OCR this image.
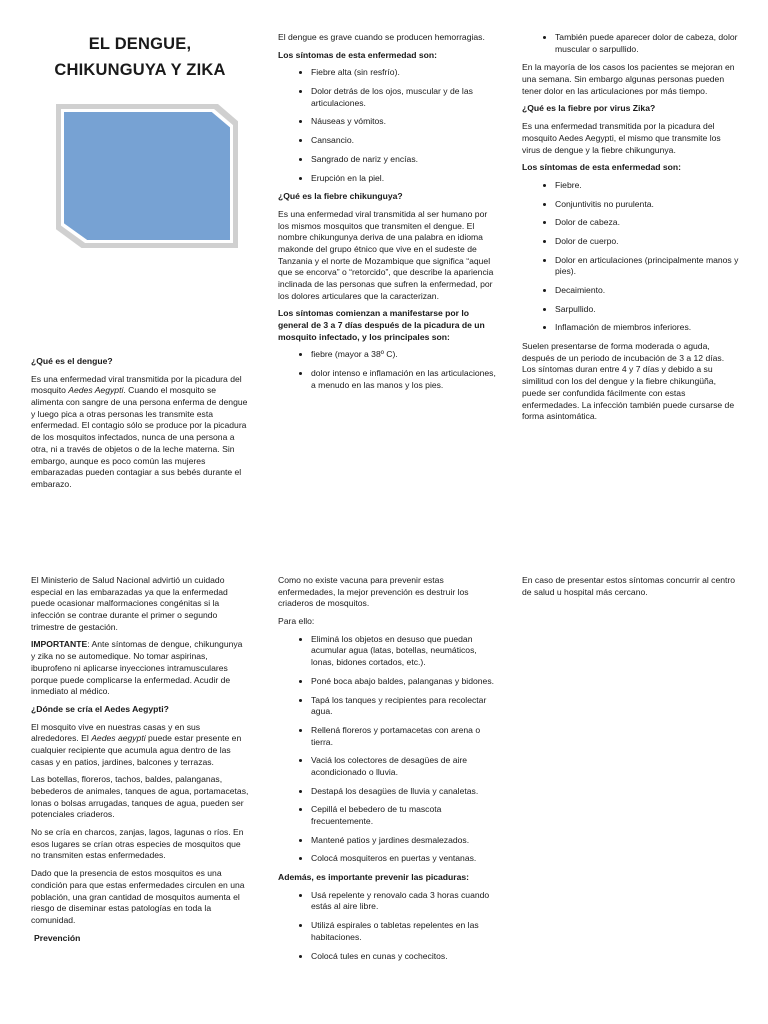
EL DENGUE, CHIKUNGUYA Y ZIKA

¿Qué es el dengue?

Es una enfermedad viral transmitida por la picadura del mosquito Aedes Aegypti. Cuando el mosquito se alimenta con sangre de una persona enferma de dengue y luego pica a otras personas les transmite esta enfermedad. El contagio sólo se produce por la picadura de los mosquitos infectados, nunca de una persona a otra, ni a través de objetos o de la leche materna. Sin embargo, aunque es poco común las mujeres embarazadas pueden contagiar a sus bebés durante el embarazo.

El dengue es grave cuando se producen hemorragias.

Los síntomas de esta enfermedad son:

• Fiebre alta (sin resfrío).
• Dolor detrás de los ojos, muscular y de las articulaciones.
• Náuseas y vómitos.
• Cansancio.
• Sangrado de nariz y encías.
• Erupción en la piel.

¿Qué es la fiebre chikunguya?

Es una enfermedad viral transmitida al ser humano por los mismos mosquitos que transmiten el dengue. El nombre chikungunya deriva de una palabra en idioma makonde del grupo étnico que vive en el sudeste de Tanzania y el norte de Mozambique que significa “aquel que se encorva” o “retorcido”, que describe la apariencia inclinada de las personas que sufren la enfermedad, por los dolores articulares que la caracterizan.

Los síntomas comienzan a manifestarse por lo general de 3 a 7 días después de la picadura de un mosquito infectado, y los principales son:

• fiebre (mayor a 38º C).
• dolor intenso e inflamación en las articulaciones, a menudo en las manos y los pies.
• También puede aparecer dolor de cabeza, dolor muscular o sarpullido.

En la mayoría de los casos los pacientes se mejoran en una semana. Sin embargo algunas personas pueden tener dolor en las articulaciones por más tiempo.

¿Qué es la fiebre por virus Zika?

Es una enfermedad transmitida por la picadura del mosquito Aedes Aegypti, el mismo que transmite los virus de dengue y la fiebre chikungunya.

Los síntomas de esta enfermedad son:

• Fiebre.
• Conjuntivitis no purulenta.
• Dolor de cabeza.
• Dolor de cuerpo.
• Dolor en articulaciones (principalmente manos y pies).
• Decaimiento.
• Sarpullido.
• Inflamación de miembros inferiores.

Suelen presentarse de forma moderada o aguda, después de un periodo de incubación de 3 a 12 días. Los síntomas duran entre 4 y 7 días y debido a su similitud con los del dengue y la fiebre chikungüña, puede ser confundida fácilmente con estas enfermedades. La infección también puede cursarse de forma asintomática.

El Ministerio de Salud Nacional advirtió un cuidado especial en las embarazadas ya que la enfermedad puede ocasionar malformaciones congénitas si la infección se contrae durante el primer o segundo trimestre de gestación.

IMPORTANTE: Ante síntomas de dengue, chikungunya y zika no se automedique. No tomar aspirinas, ibuprofeno ni aplicarse inyecciones intramusculares porque puede complicarse la enfermedad. Acudir de inmediato al médico.

¿Dónde se cría el Aedes Aegypti?

El mosquito vive en nuestras casas y en sus alrededores. El Aedes aegypti puede estar presente en cualquier recipiente que acumula agua dentro de las casas y en patios, jardines, balcones y terrazas.

Las botellas, floreros, tachos, baldes, palanganas, bebederos de animales, tanques de agua, portamacetas, lonas o bolsas arrugadas, tanques de agua, pueden ser potenciales criaderos.

No se cría en charcos, zanjas, lagos, lagunas o ríos. En esos lugares se crían otras especies de mosquitos que no transmiten estas enfermedades.

Dado que la presencia de estos mosquitos es una condición para que estas enfermedades circulen en una población, una gran cantidad de mosquitos aumenta el riesgo de diseminar estas patologías en toda la comunidad.

Prevención

Como no existe vacuna para prevenir estas enfermedades, la mejor prevención es destruir los criaderos de mosquitos.

Para ello:

• Eliminá los objetos en desuso que puedan acumular agua (latas, botellas, neumáticos, lonas, bidones cortados, etc.).
• Poné boca abajo baldes, palanganas y bidones.
• Tapá los tanques y recipientes para recolectar agua.
• Rellená floreros y portamacetas con arena o tierra.
• Vaciá los colectores de desagües de aire acondicionado o lluvia.
• Destapá los desagües de lluvia y canaletas.
• Cepillá el bebedero de tu mascota frecuentemente.
• Mantené patios y jardines desmalezados.
• Colocá mosquiteros en puertas y ventanas.

Además, es importante prevenir las picaduras:

• Usá repelente y renovalo cada 3 horas cuando estás al aire libre.
• Utilizá espirales o tabletas repelentes en las habitaciones.
• Colocá tules en cunas y cochecitos.

En caso de presentar estos síntomas concurrir al centro de salud u hospital más cercano.
